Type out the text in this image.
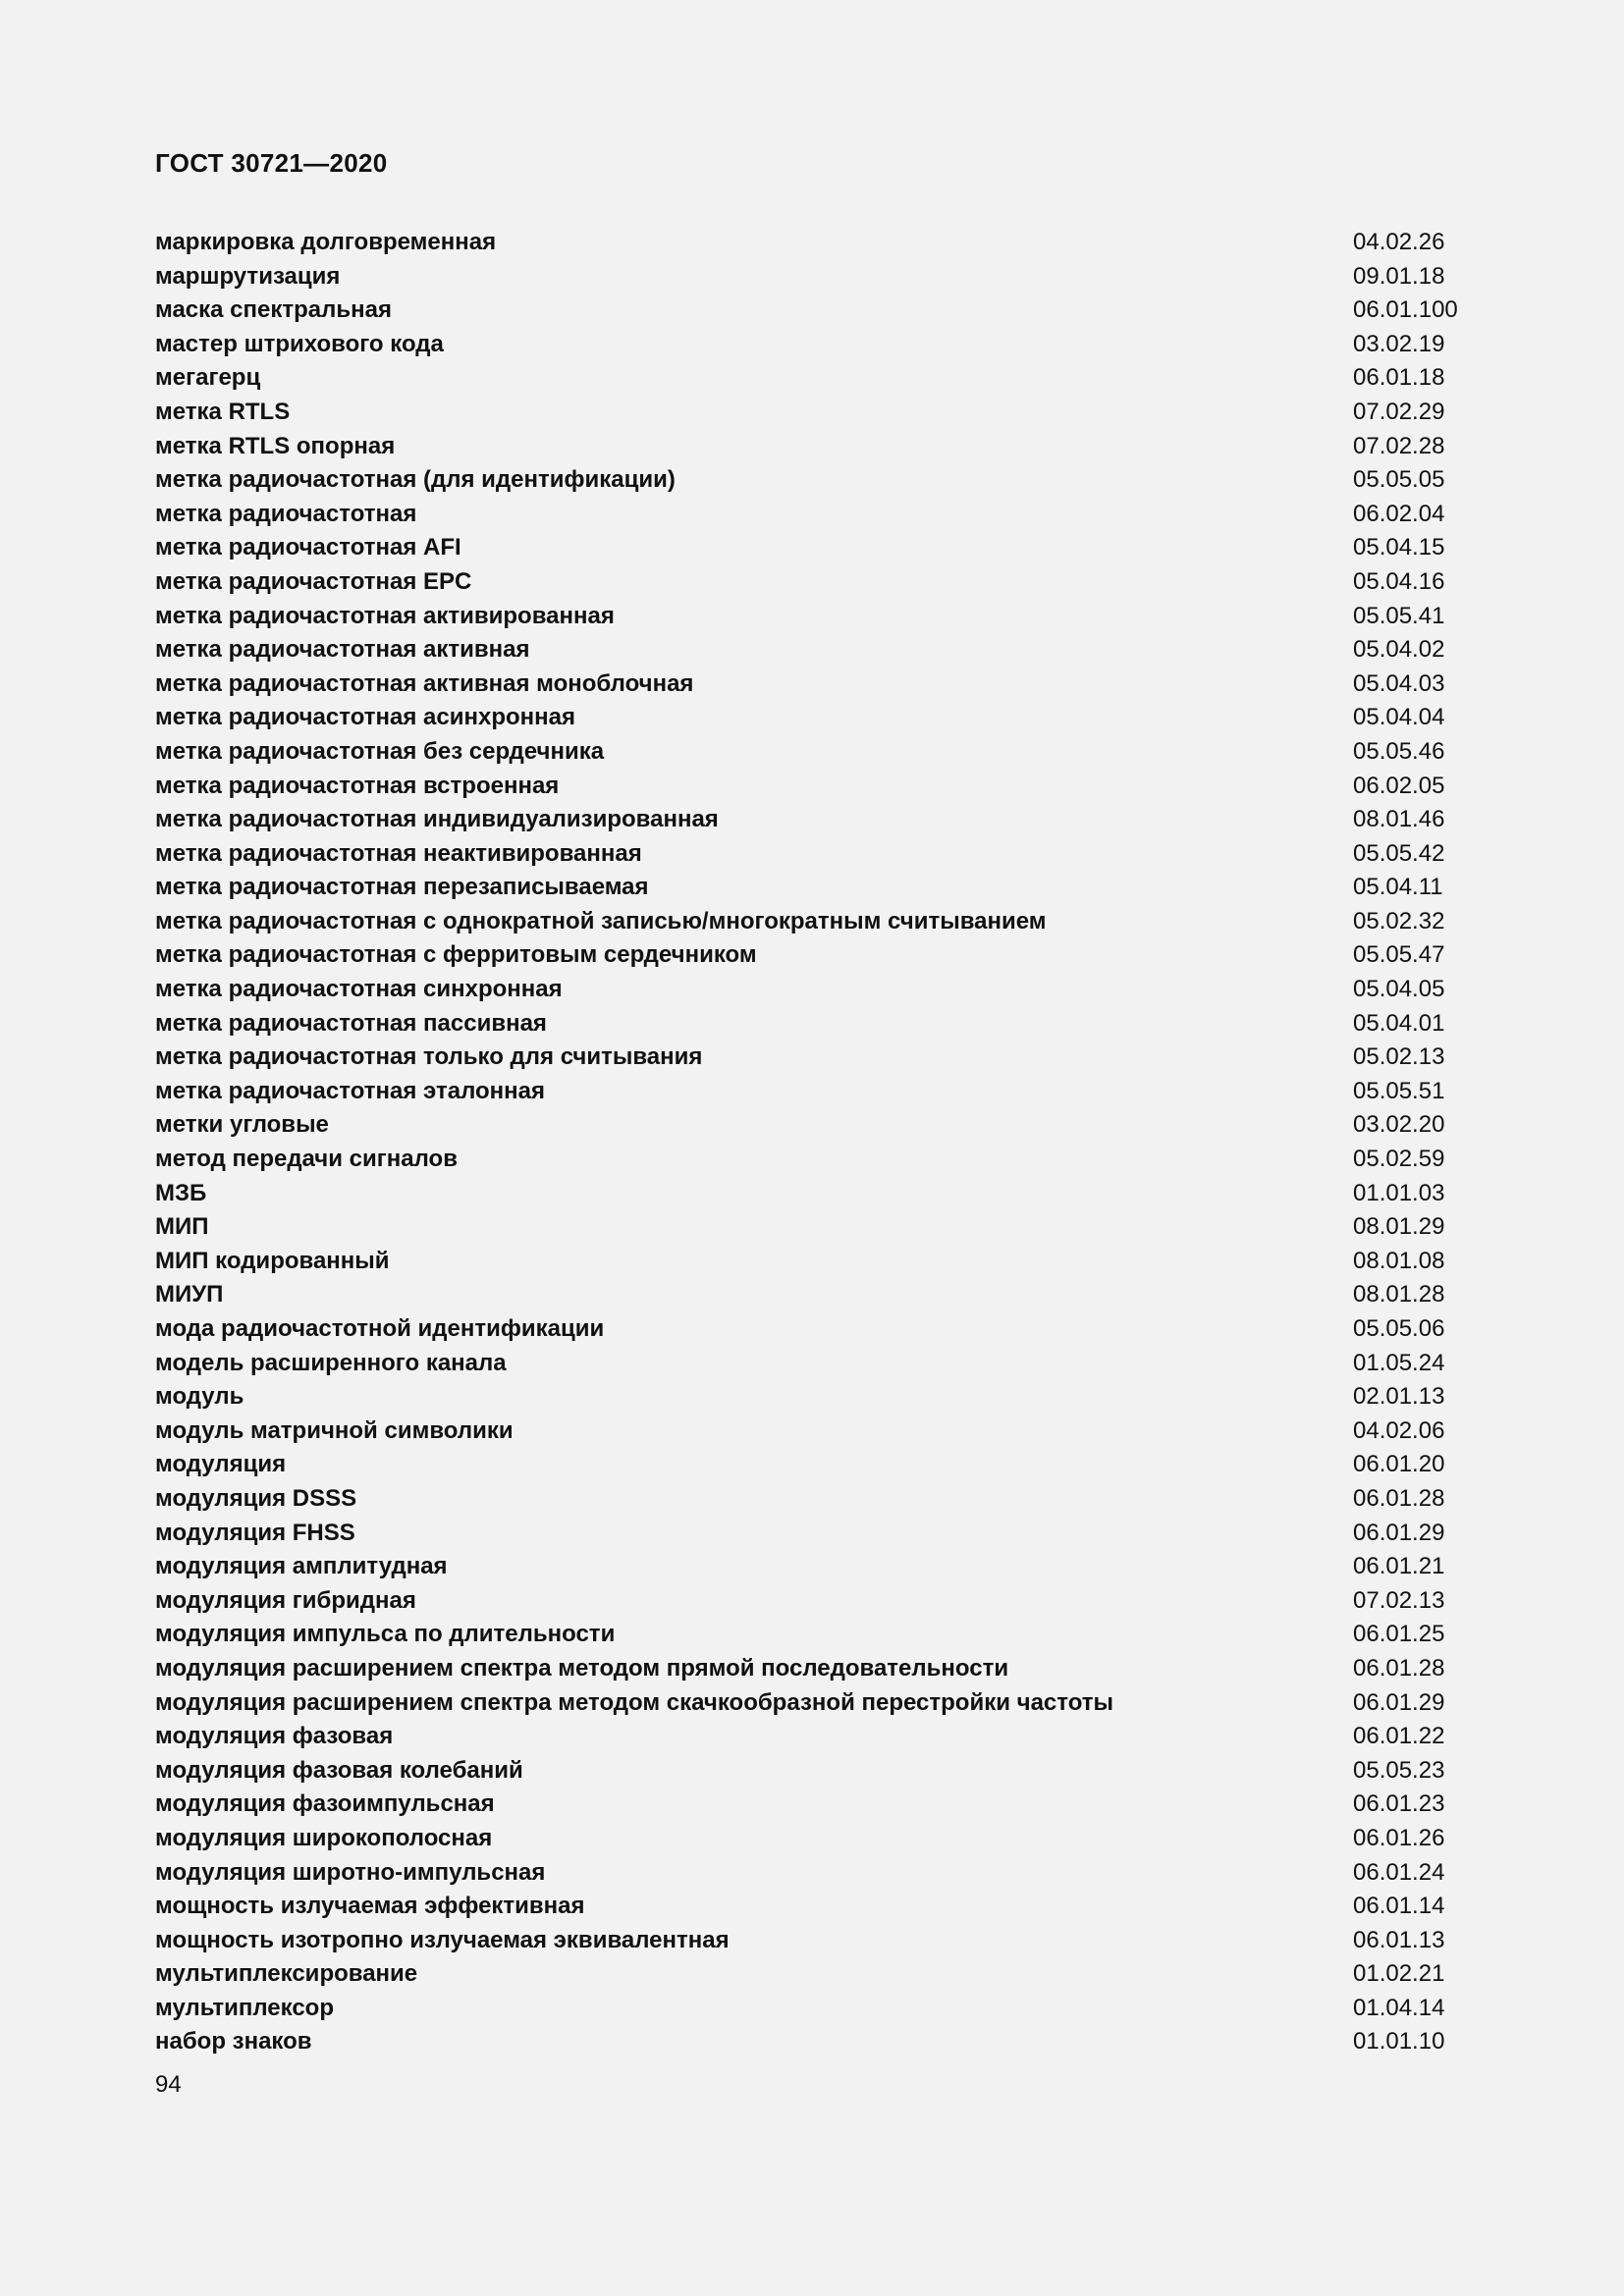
ГОСТ 30721—2020
маркировка долговременная	04.02.26
маршрутизация	09.01.18
маска спектральная	06.01.100
мастер штрихового кода	03.02.19
мегагерц	06.01.18
метка RTLS	07.02.29
метка RTLS опорная	07.02.28
метка радиочастотная (для идентификации)	05.05.05
метка радиочастотная	06.02.04
метка радиочастотная AFI	05.04.15
метка радиочастотная EPC	05.04.16
метка радиочастотная активированная	05.05.41
метка радиочастотная активная	05.04.02
метка радиочастотная активная моноблочная	05.04.03
метка радиочастотная асинхронная	05.04.04
метка радиочастотная без сердечника	05.05.46
метка радиочастотная встроенная	06.02.05
метка радиочастотная индивидуализированная	08.01.46
метка радиочастотная неактивированная	05.05.42
метка радиочастотная перезаписываемая	05.04.11
метка радиочастотная с однократной записью/многократным считыванием	05.02.32
метка радиочастотная с ферритовым сердечником	05.05.47
метка радиочастотная синхронная	05.04.05
метка радиочастотная пассивная	05.04.01
метка радиочастотная только для считывания	05.02.13
метка радиочастотная эталонная	05.05.51
метки угловые	03.02.20
метод передачи сигналов	05.02.59
МЗБ	01.01.03
МИП	08.01.29
МИП кодированный	08.01.08
МИУП	08.01.28
мода радиочастотной идентификации	05.05.06
модель расширенного канала	01.05.24
модуль	02.01.13
модуль матричной символики	04.02.06
модуляция	06.01.20
модуляция DSSS	06.01.28
модуляция FHSS	06.01.29
модуляция амплитудная	06.01.21
модуляция гибридная	07.02.13
модуляция импульса по длительности	06.01.25
модуляция расширением спектра методом прямой последовательности	06.01.28
модуляция расширением спектра методом скачкообразной перестройки частоты	06.01.29
модуляция фазовая	06.01.22
модуляция фазовая колебаний	05.05.23
модуляция фазоимпульсная	06.01.23
модуляция широкополосная	06.01.26
модуляция широтно-импульсная	06.01.24
мощность излучаемая эффективная	06.01.14
мощность изотропно излучаемая эквивалентная	06.01.13
мультиплексирование	01.02.21
мультиплексор	01.04.14
набор знаков	01.01.10
94
